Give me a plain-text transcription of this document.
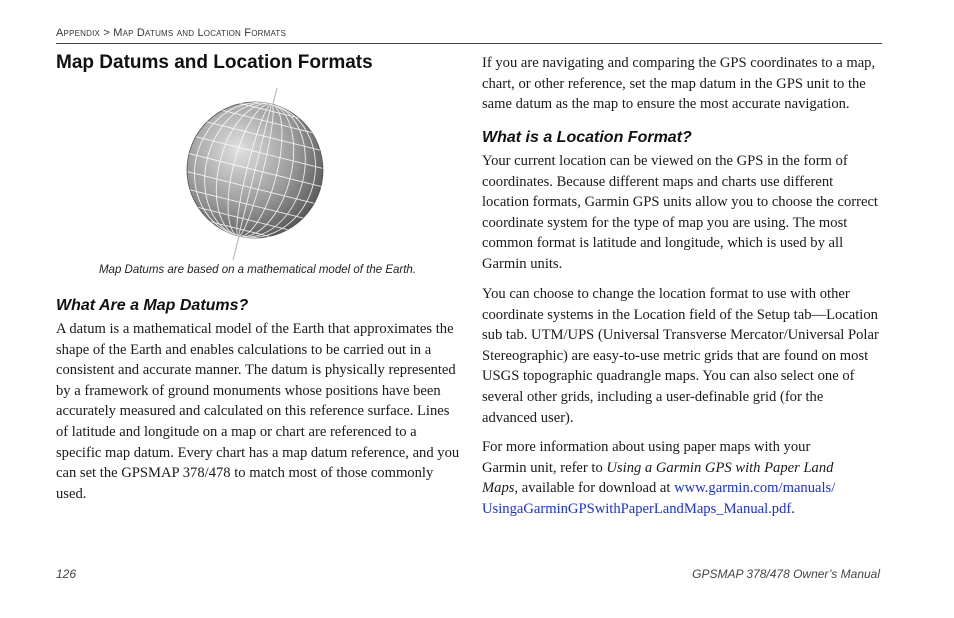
Appendix > Map Datums and Location Formats
Map Datums and Location Formats
Map Datums are based on a mathematical model of the Earth.
What Are a Map Datums?

A datum is a mathematical model of the Earth that approximates the shape of the Earth and enables calculations to be carried out in a consistent and accurate manner. The datum is physically represented by a framework of ground monuments whose positions have been accurately measured and calculated on this reference surface. Lines of latitude and longitude on a map or chart are referenced to a specific map datum. Every chart has a map datum reference, and you can set the GPSMAP 378/478 to match most of those commonly used.

If you are navigating and comparing the GPS coordinates to a map, chart, or other reference, set the map datum in the GPS unit to the same datum as the map to ensure the most accurate navigation.

What is a Location Format?

Your current location can be viewed on the GPS in the form of coordinates. Because different maps and charts use different location formats, Garmin GPS units allow you to choose the correct coordinate system for the type of map you are using. The most common format is latitude and longitude, which is used by all Garmin units.

You can choose to change the location format to use with other coordinate systems in the Location field of the Setup tab—Location sub tab. UTM/UPS (Universal Transverse Mercator/Universal Polar Stereographic) are easy-to-use metric grids that are found on most USGS topographic quadrangle maps. You can also select one of several other grids, including a user-definable grid (for the advanced user).

For more information about using paper maps with your Garmin unit, refer to Using a Garmin GPS with Paper Land Maps, available for download at www.garmin.com/manuals/UsingaGarminGPSwithPaperLandMaps_Manual.pdf.

126	GPSMAP 378/478 Owner’s Manual
